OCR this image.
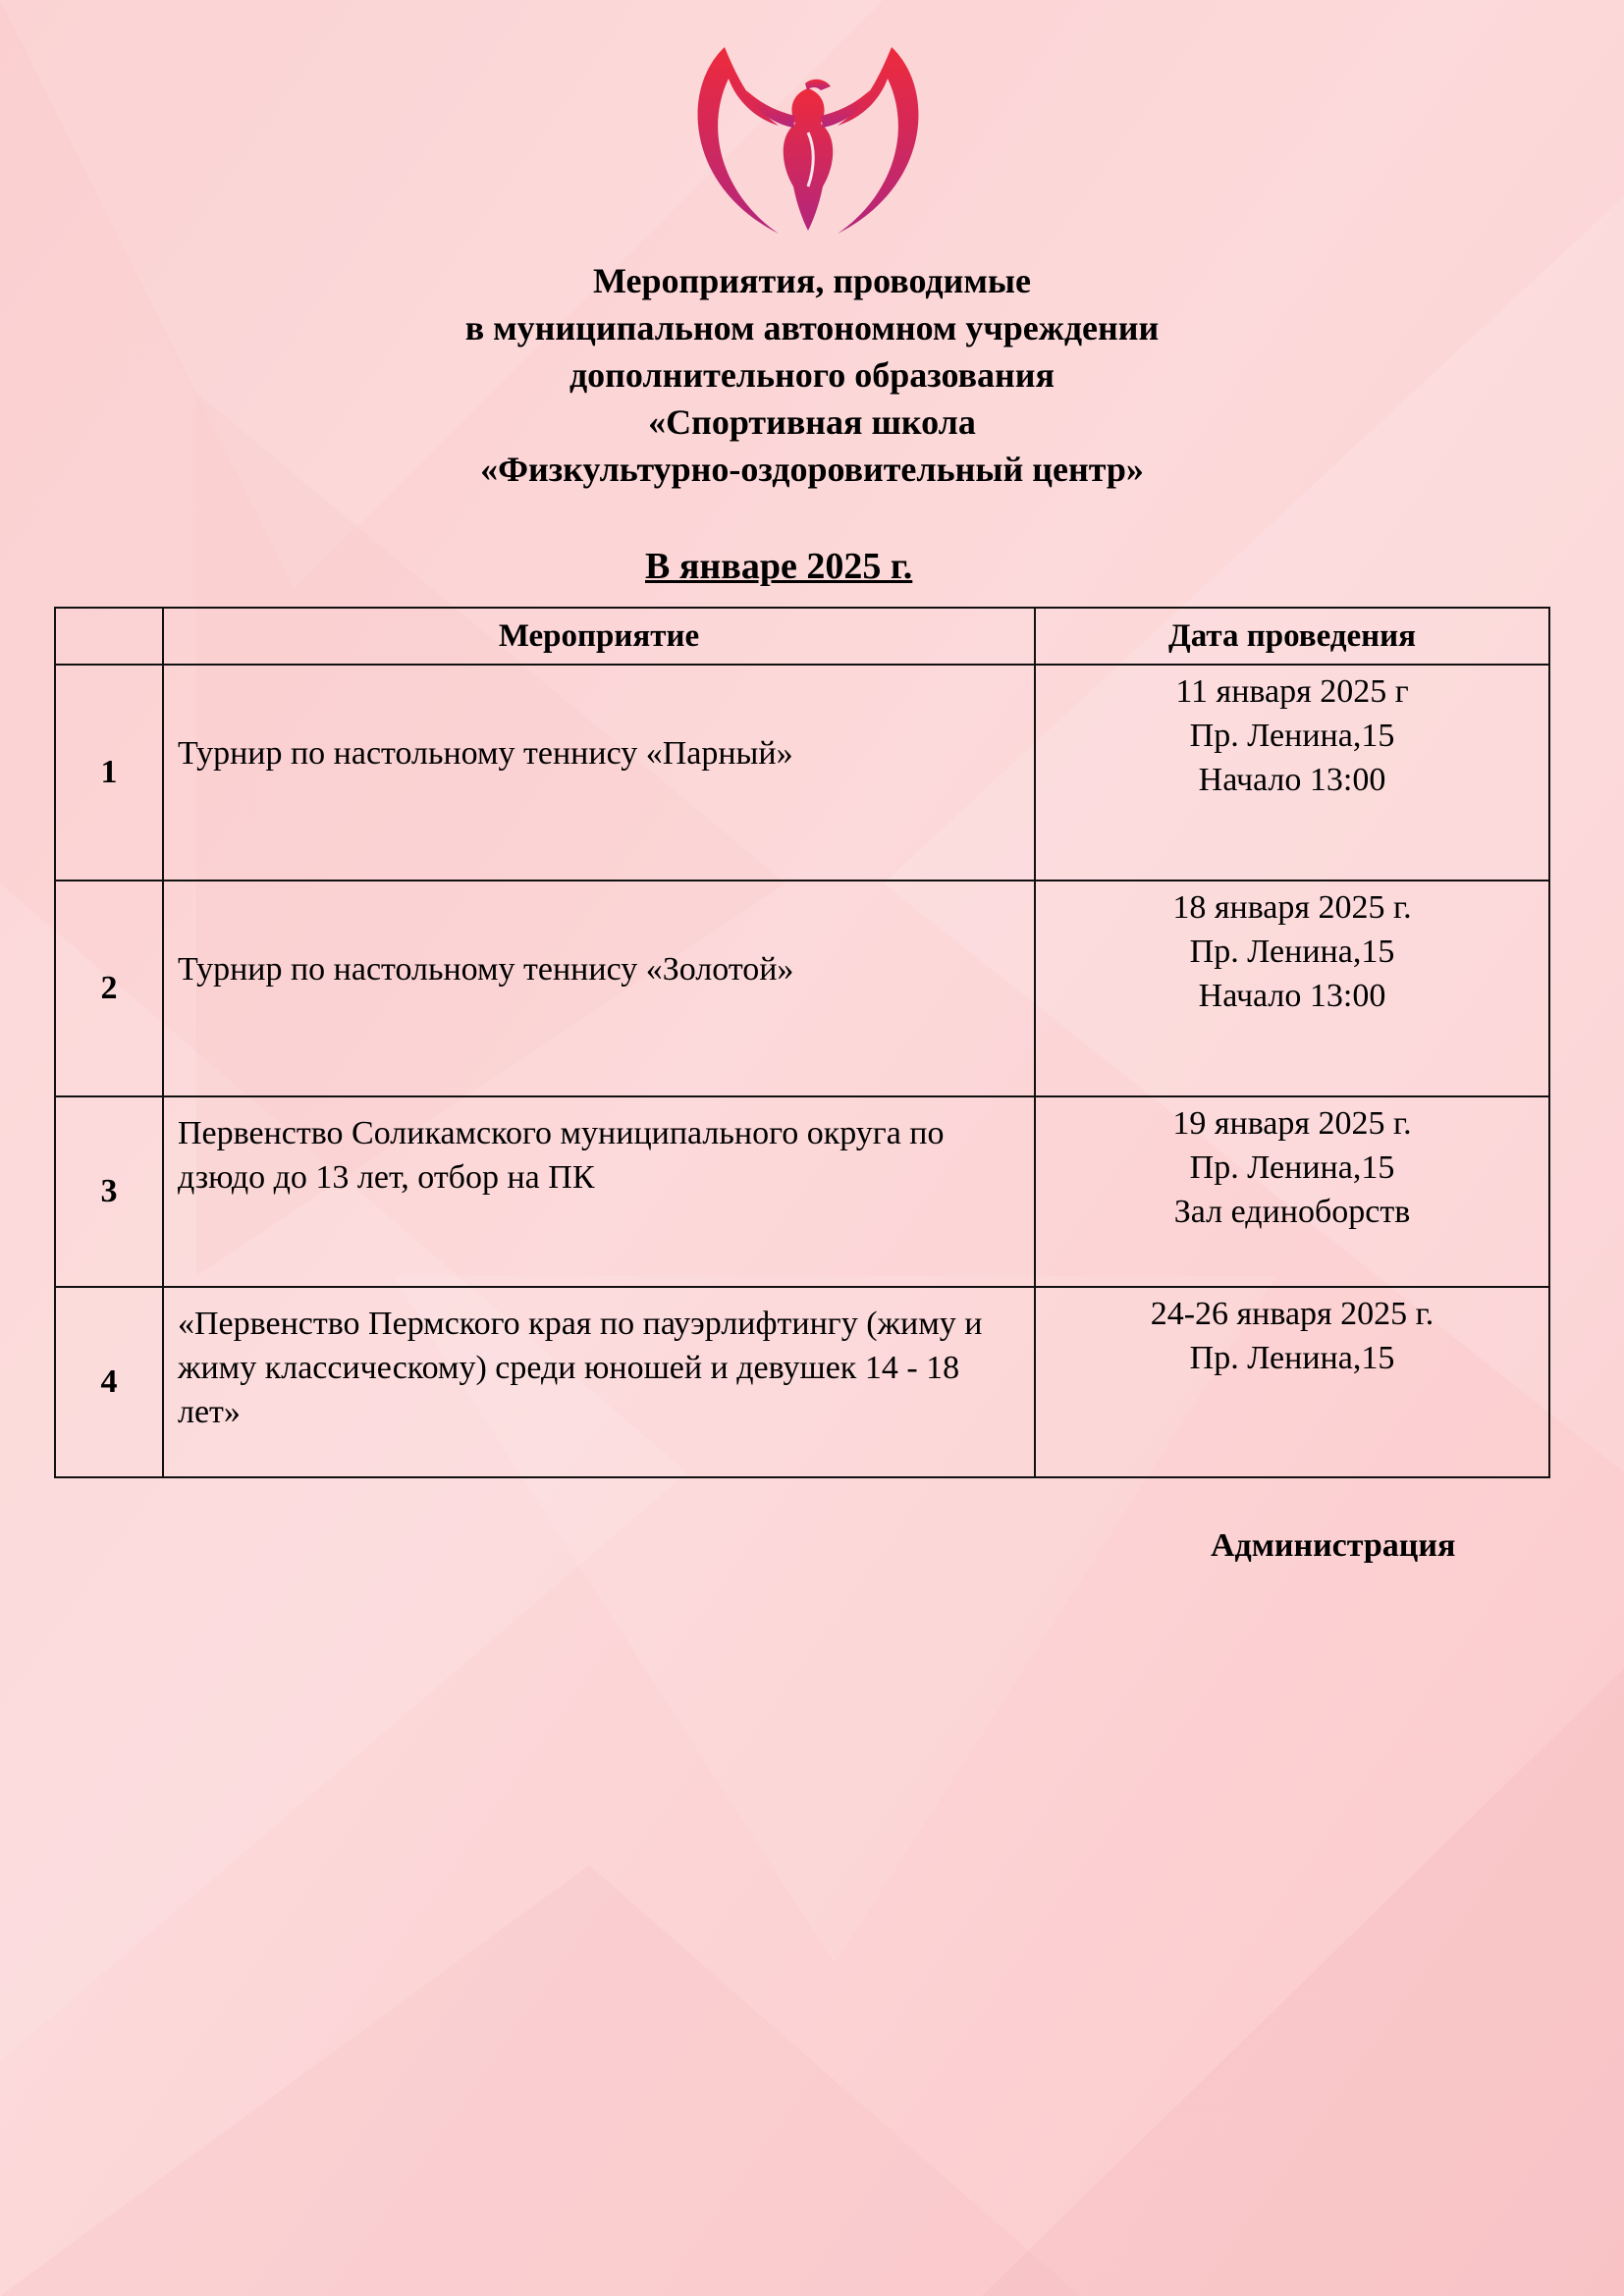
Мероприятия, проводимые
в муниципальном автономном учреждении
дополнительного образования
«Спортивная школа
«Физкультурно-оздоровительный центр»
В январе 2025 г.
	Мероприятие	Дата проведения
1	Турнир по настольному теннису «Парный»	11 января 2025 г
Пр. Ленина,15
Начало 13:00

2	Турнир по настольному теннису «Золотой»	18 января 2025 г.
Пр. Ленина,15
Начало 13:00

3	Первенство Соликамского муниципального округа по дзюдо до 13 лет, отбор на ПК	19 января 2025 г.
Пр. Ленина,15
Зал единоборств

4	«Первенство Пермского края по пауэрлифтингу (жиму и жиму классическому) среди юношей и девушек 14 - 18 лет»	24-26 января 2025 г.
Пр. Ленина,15
Администрация
